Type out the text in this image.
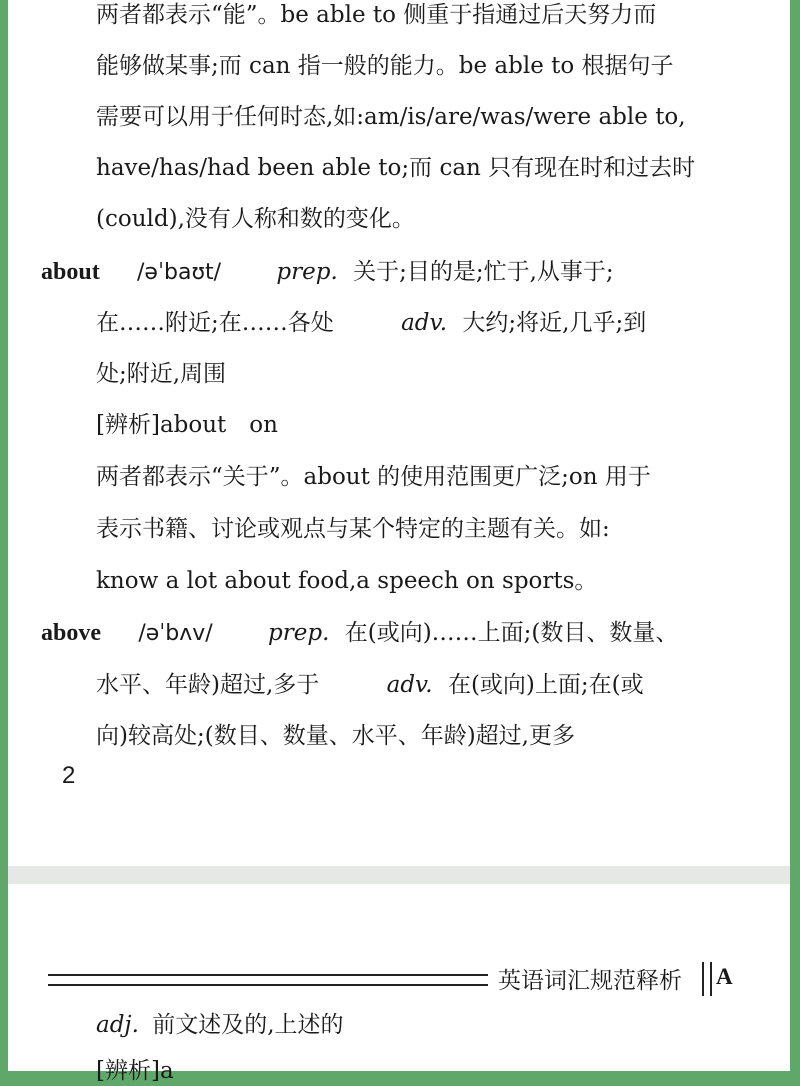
两者都表示“能”。be able to 侧重于指通过后天努力而
能够做某事;而 can 指一般的能力。be able to 根据句子
需要可以用于任何时态,如:am/is/are/was/were able to,
have/has/had been able to;而 can 只有现在时和过去时
(could),没有人称和数的变化。
about /əˈbaʊt/ prep. 关于;目的是;忙于,从事于;
在……附近;在……各处	adv. 大约;将近,几乎;到
处;附近,周围
[辨析]about　on
两者都表示“关于”。about 的使用范围更广泛;on 用于
表示书籍、讨论或观点与某个特定的主题有关。如:
know a lot about food,a speech on sports。
above /əˈbʌv/ prep. 在(或向)……上面;(数目、数量、
水平、年龄)超过,多于	adv. 在(或向)上面;在(或
向)较高处;(数目、数量、水平、年龄)超过,更多
2
英语词汇规范释析 A
adj. 前文述及的,上述的
[辨析]a
